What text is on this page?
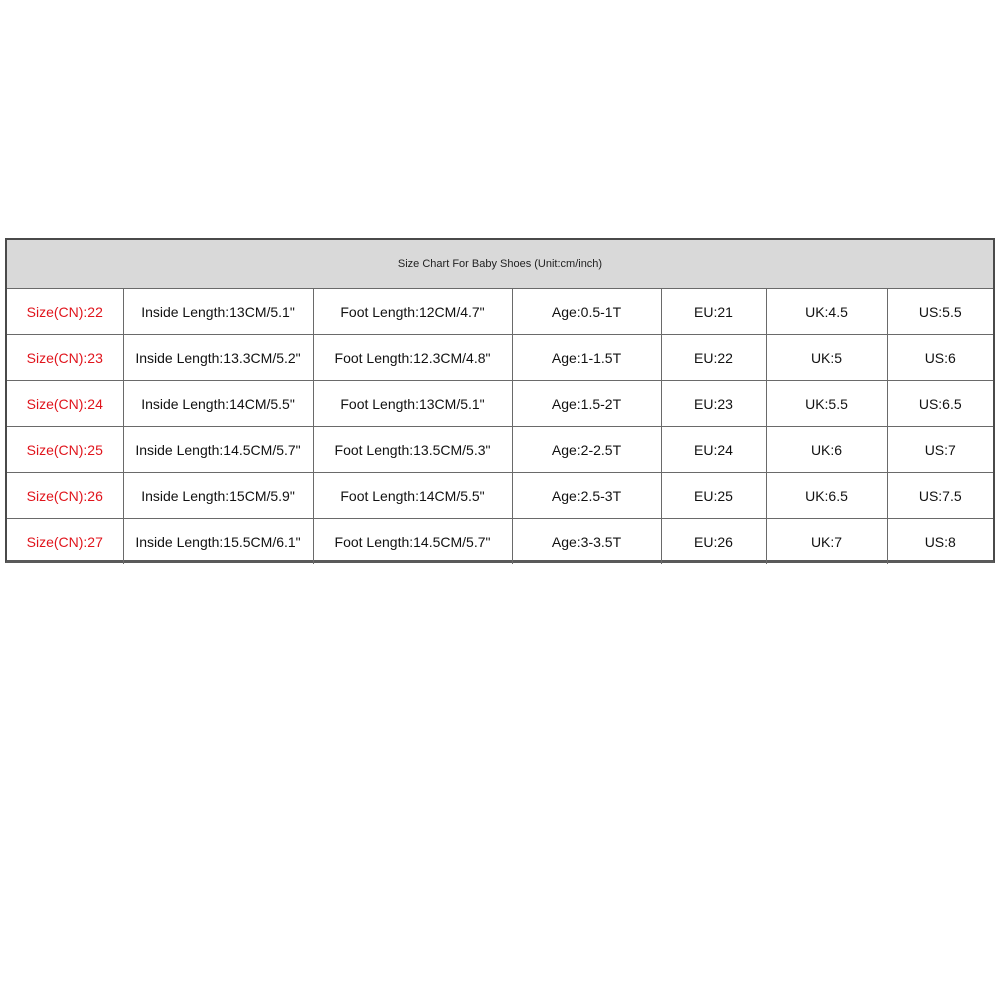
Size Chart For Baby Shoes (Unit:cm/inch)						
Size(CN):22	Inside Length:13CM/5.1"	Foot Length:12CM/4.7"	Age:0.5-1T	EU:21	UK:4.5	US:5.5
Size(CN):23	Inside Length:13.3CM/5.2"	Foot Length:12.3CM/4.8"	Age:1-1.5T	EU:22	UK:5	US:6
Size(CN):24	Inside Length:14CM/5.5"	Foot Length:13CM/5.1"	Age:1.5-2T	EU:23	UK:5.5	US:6.5
Size(CN):25	Inside Length:14.5CM/5.7"	Foot Length:13.5CM/5.3"	Age:2-2.5T	EU:24	UK:6	US:7
Size(CN):26	Inside Length:15CM/5.9"	Foot Length:14CM/5.5"	Age:2.5-3T	EU:25	UK:6.5	US:7.5
Size(CN):27	Inside Length:15.5CM/6.1"	Foot Length:14.5CM/5.7"	Age:3-3.5T	EU:26	UK:7	US:8
